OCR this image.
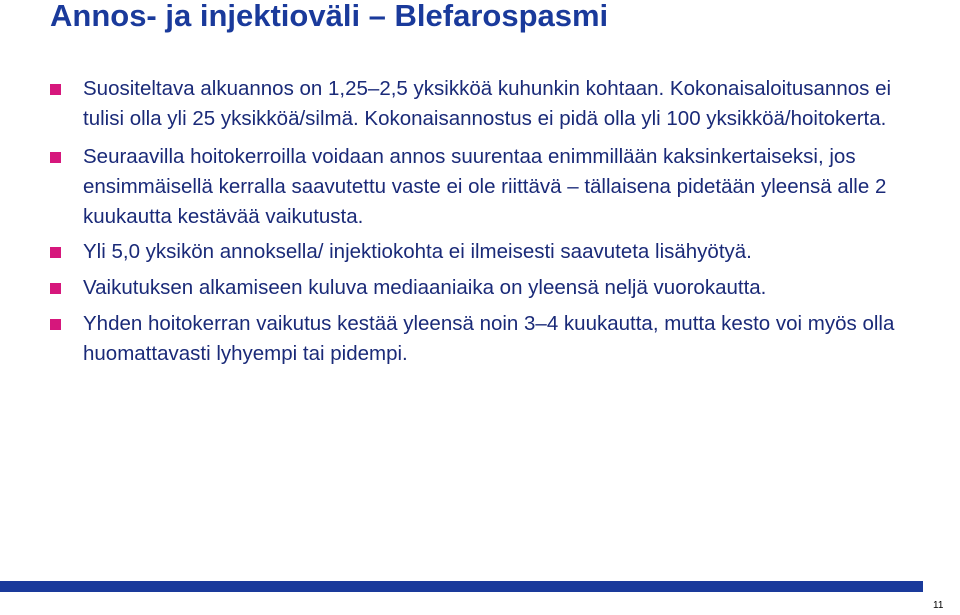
Annos- ja injektioväli – Blefarospasmi
Suositeltava alkuannos on 1,25–2,5 yksikköä kuhunkin kohtaan. Kokonaisaloitusannos ei tulisi olla yli 25 yksikköä/silmä. Kokonaisannostus ei pidä olla yli 100 yksikköä/hoitokerta.
Seuraavilla hoitokerroilla voidaan annos suurentaa enimmillään kaksinkertaiseksi, jos ensimmäisellä kerralla saavutettu vaste ei ole riittävä – tällaisena pidetään yleensä alle 2 kuukautta kestävää vaikutusta.
Yli 5,0 yksikön annoksella/ injektiokohta ei ilmeisesti saavuteta lisähyötyä.
Vaikutuksen alkamiseen kuluva mediaaniaika on yleensä neljä vuorokautta.
Yhden hoitokerran vaikutus kestää yleensä noin 3–4 kuukautta, mutta kesto voi myös olla huomattavasti lyhyempi tai pidempi.
11
